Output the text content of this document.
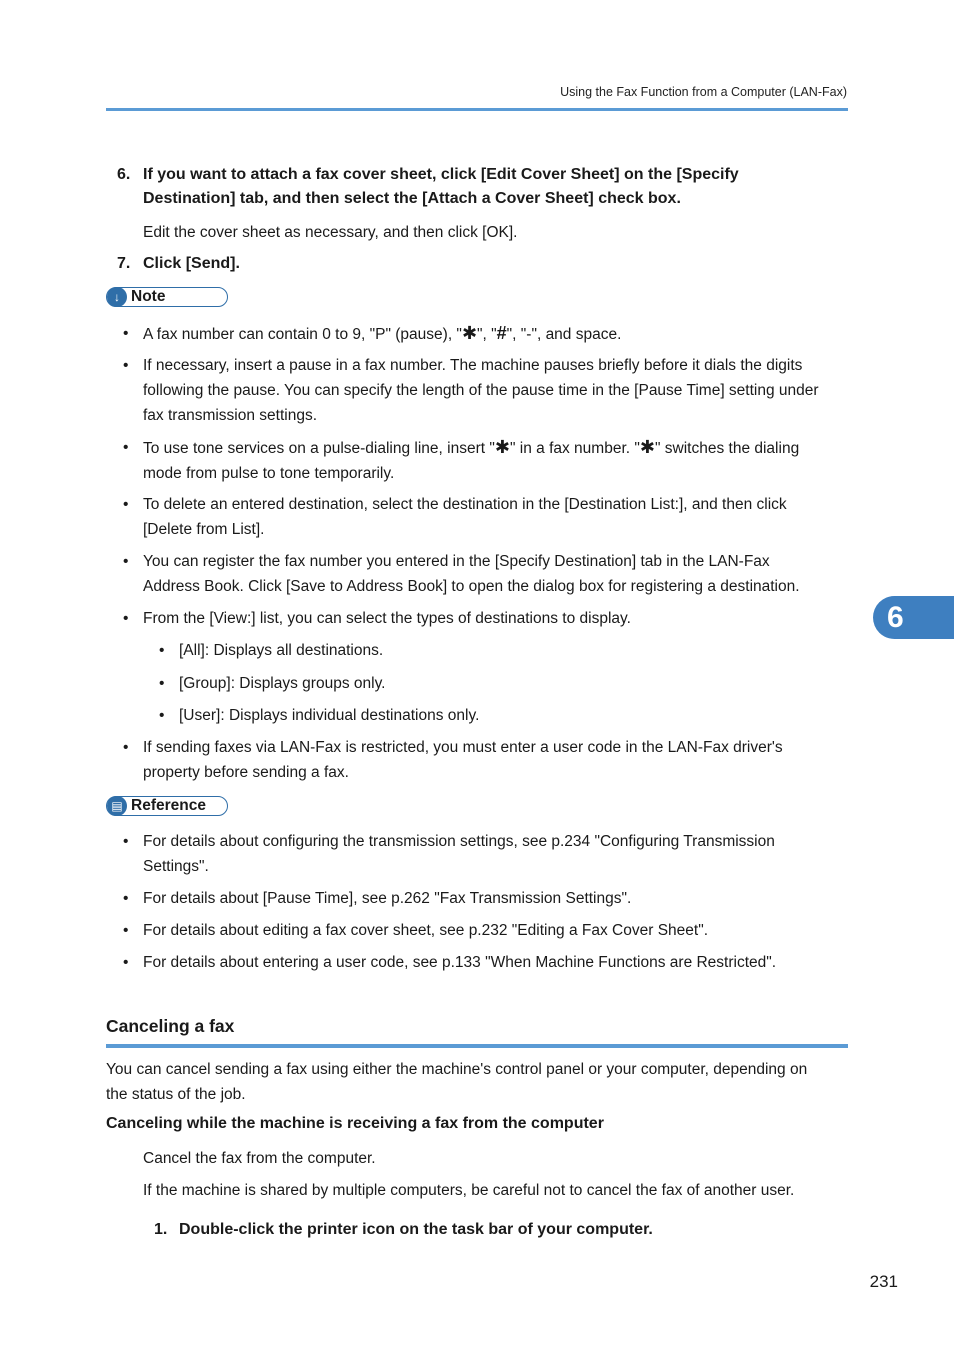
Using the Fax Function from a Computer (LAN-Fax)
6. If you want to attach a fax cover sheet, click [Edit Cover Sheet] on the [Specify
Destination] tab, and then select the [Attach a Cover Sheet] check box.
Edit the cover sheet as necessary, and then click [OK].
7. Click [Send].
↓ Note
• A fax number can contain 0 to 9, "P" (pause), "✱", "#", "-", and space.
• If necessary, insert a pause in a fax number. The machine pauses briefly before it dials the digits
following the pause. You can specify the length of the pause time in the [Pause Time] setting under
fax transmission settings.
• To use tone services on a pulse-dialing line, insert "✱" in a fax number. "✱" switches the dialing
mode from pulse to tone temporarily.
• To delete an entered destination, select the destination in the [Destination List:], and then click
[Delete from List].
• You can register the fax number you entered in the [Specify Destination] tab in the LAN-Fax
Address Book. Click [Save to Address Book] to open the dialog box for registering a destination.
• From the [View:] list, you can select the types of destinations to display.
• [All]: Displays all destinations.
• [Group]: Displays groups only.
• [User]: Displays individual destinations only.
• If sending faxes via LAN-Fax is restricted, you must enter a user code in the LAN-Fax driver's
property before sending a fax.
▤ Reference
• For details about configuring the transmission settings, see p.234 "Configuring Transmission
Settings".
• For details about [Pause Time], see p.262 "Fax Transmission Settings".
• For details about editing a fax cover sheet, see p.232 "Editing a Fax Cover Sheet".
• For details about entering a user code, see p.133 "When Machine Functions are Restricted".
Canceling a fax
You can cancel sending a fax using either the machine's control panel or your computer, depending on
the status of the job.
Canceling while the machine is receiving a fax from the computer
Cancel the fax from the computer.
If the machine is shared by multiple computers, be careful not to cancel the fax of another user.
1. Double-click the printer icon on the task bar of your computer.
6
231
